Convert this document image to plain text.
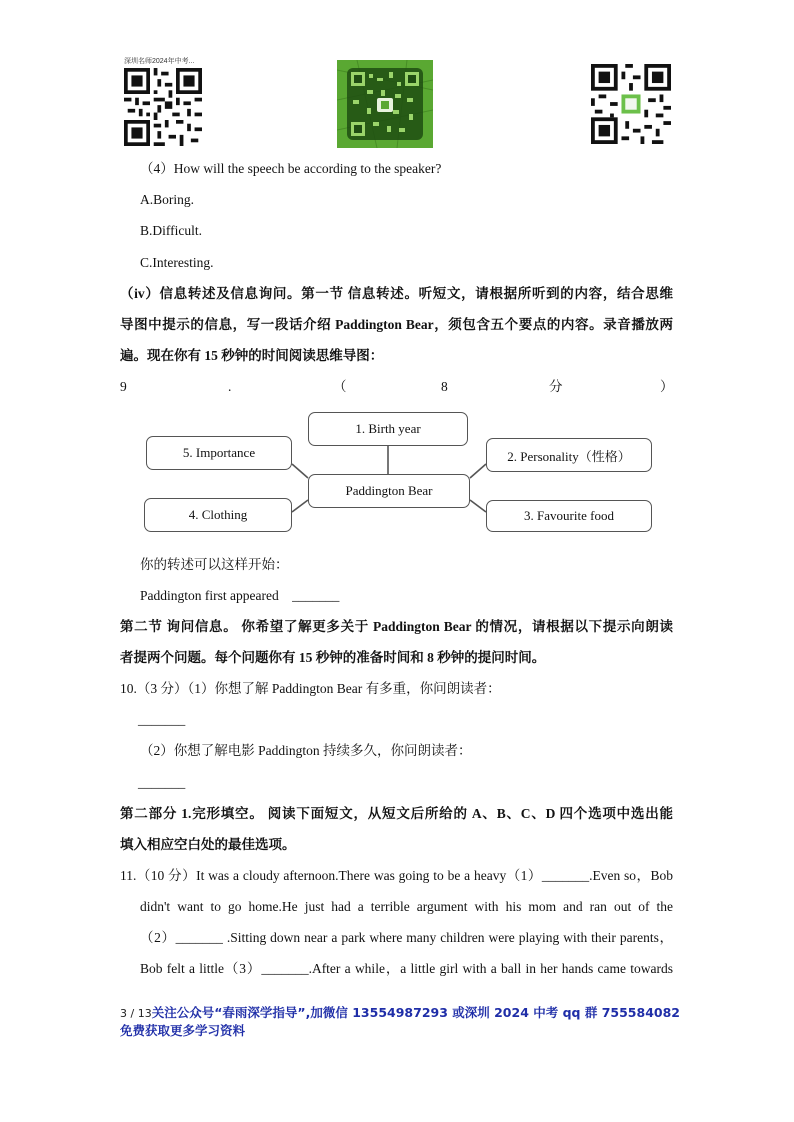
深圳名师2024年中考...
（4）How will the speech be according to the speaker?
A.Boring.
B.Difficult.
C.Interesting.
（iv）信息转述及信息询问。第一节 信息转述。听短文，请根据所听到的内容，结合思维
导图中提示的信息，写一段话介绍 Paddington Bear，须包含五个要点的内容。录音播放两
遍。现在你有 15 秒钟的时间阅读思维导图：
9	.	（	8	分	）
1. Birth year
5. Importance	2. Personality（性格）
Paddington Bear
4. Clothing	3. Favourite food
你的转述可以这样开始：
Paddington first appeared _______
第二节 询问信息。 你希望了解更多关于 Paddington Bear 的情况，请根据以下提示向朗读
者提两个问题。每个问题你有 15 秒钟的准备时间和 8 秒钟的提问时间。
10.（3 分）（1）你想了解 Paddington Bear 有多重，你问朗读者：
_______
（2）你想了解电影 Paddington 持续多久，你问朗读者：
_______
第二部分 1.完形填空。 阅读下面短文，从短文后所给的 A、B、C、D 四个选项中选出能
填入相应空白处的最佳选项。
11.（10 分）It was a cloudy afternoon.There was going to be a heavy（1）_______.Even so，Bob
didn't want to go home.He just had a terrible argument with his mom and ran out of the
（2）_______ .Sitting down near a park where many children were playing with their parents，
Bob felt a little（3）_______.After a while，a little girl with a ball in her hands came towards
3 / 13关注公众号“春雨深学指导”,加微信 13554987293 或深圳 2024 中考 qq 群 755584082
免费获取更多学习资料
